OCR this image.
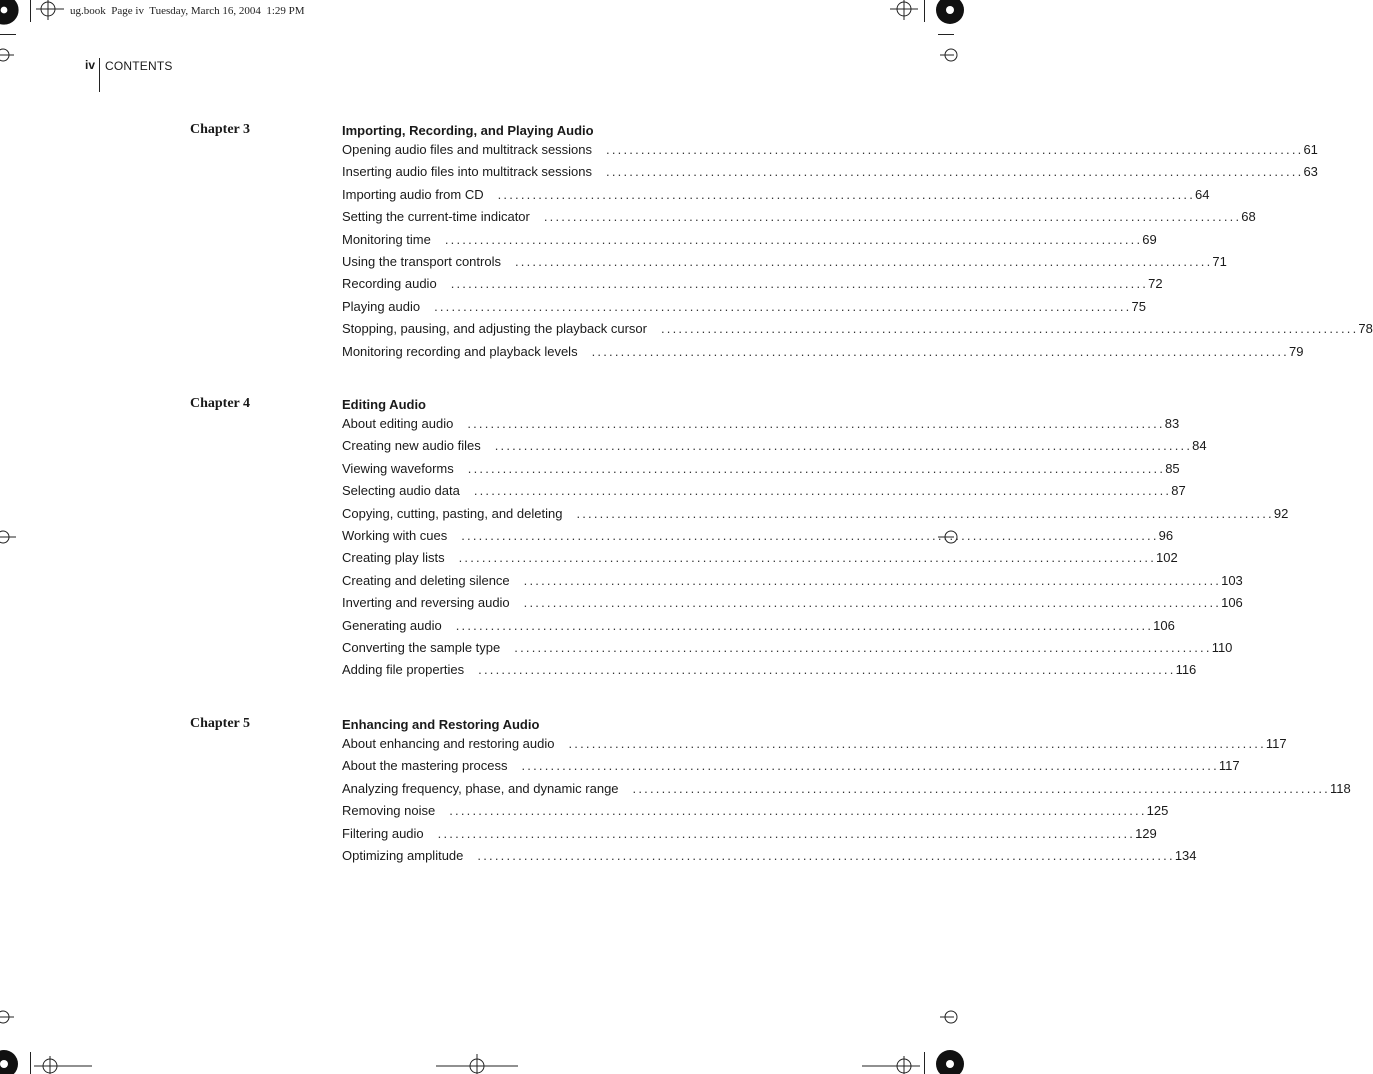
ug.book  Page iv  Tuesday, March 16, 2004  1:29 PM
iv CONTENTS
Chapter 3	Importing, Recording, and Playing Audio
Opening audio files and multitrack sessions	........................................................................................................................ 61
Inserting audio files into multitrack sessions	........................................................................................................................ 63
Importing audio from CD	........................................................................................................................ 64
Setting the current-time indicator	........................................................................................................................ 68
Monitoring time	........................................................................................................................ 69
Using the transport controls	........................................................................................................................ 71
Recording audio	........................................................................................................................ 72
Playing audio	........................................................................................................................ 75
Stopping, pausing, and adjusting the playback cursor	........................................................................................................................ 78
Monitoring recording and playback levels	........................................................................................................................ 79
Chapter 4	Editing Audio
About editing audio	........................................................................................................................ 83
Creating new audio files	........................................................................................................................ 84
Viewing waveforms	........................................................................................................................ 85
Selecting audio data	........................................................................................................................ 87
Copying, cutting, pasting, and deleting	........................................................................................................................ 92
Working with cues	........................................................................................................................ 96
Creating play lists	........................................................................................................................ 102
Creating and deleting silence	........................................................................................................................ 103
Inverting and reversing audio	........................................................................................................................ 106
Generating audio	........................................................................................................................ 106
Converting the sample type	........................................................................................................................ 110
Adding file properties	........................................................................................................................ 116
Chapter 5	Enhancing and Restoring Audio
About enhancing and restoring audio	........................................................................................................................ 117
About the mastering process	........................................................................................................................ 117
Analyzing frequency, phase, and dynamic range	........................................................................................................................ 118
Removing noise	........................................................................................................................ 125
Filtering audio	........................................................................................................................ 129
Optimizing amplitude	........................................................................................................................ 134
